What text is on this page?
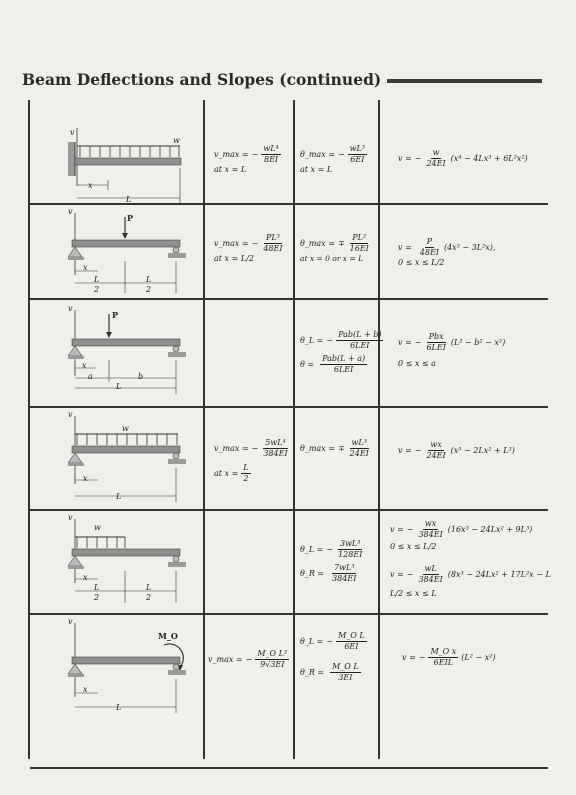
Beam Deflections and Slopes (continued)
v
w
x
L
v_max = − $\frac{\text{wL⁴}}{8EI}$
at x = L
θ_max = − $\frac{\text{wL³}}{6EI}$
at x = L
v = − $\frac{w}{24EI} (x^4 - 4Lx^3 + 6L^2x^2)$
v
P
x
L
2
L
2
v_max = − $\frac{\text{PL³}}{48EI}$
at x = L/2
θ_max = ∓ $\frac{\text{PL²}}{16EI}$
at x = 0 or x = L
$v = \frac{P}{48EI} (4x^3 - 3L^2x)$,
0 ≤ x ≤ L/2
v
P
x
a	b
L
θ_L = − $\frac{\text{Pab(L + b)}}{\text{6LEI}}$
$\theta = \frac{\text{Pab(L + a)}}{\text{6LEI}}$
v = − $\frac{\text{Pbx}}{\text{6LEI}} (L^2 - b^2 - x^2)$
0 ≤ x ≤ a
v
w
x
L
v_max = − $\frac{\text{5wL⁴}}{384EI}$
at $x = \frac{L}{2}$
θ_max = ∓ $\frac{\text{wL³}}{24EI}$	v = − $\frac{wx}{24EI} (x^3 - 2Lx^2 + L^3)$
v
w
x
L
2
L
2
θ_L = − $\frac{\text{3wL³}}{128EI}$
θ_R = $\frac{\text{7wL³}}{384EI}$
v = − $\frac{wx}{384EI} (16x^3 - 24Lx^2 + 9L^3)$
0 ≤ x ≤ L/2
v = − $\frac{wL}{384EI} (8x^3 - 24Lx^2 + 17L^2x - L$
L/2 ≤ x ≤ L
v
M_O
x
L
v_max = − $\frac{\text{M\_O L²}}{9√3EI}$
θ_L = − $\frac{\text{M\_O L}}{6EI}$
θ_R = $\frac{\text{M\_O L}}{3EI}$
v = − $\frac{\text{M\_O x}}{\text{6EIL}} (L^2 - x^2)$
